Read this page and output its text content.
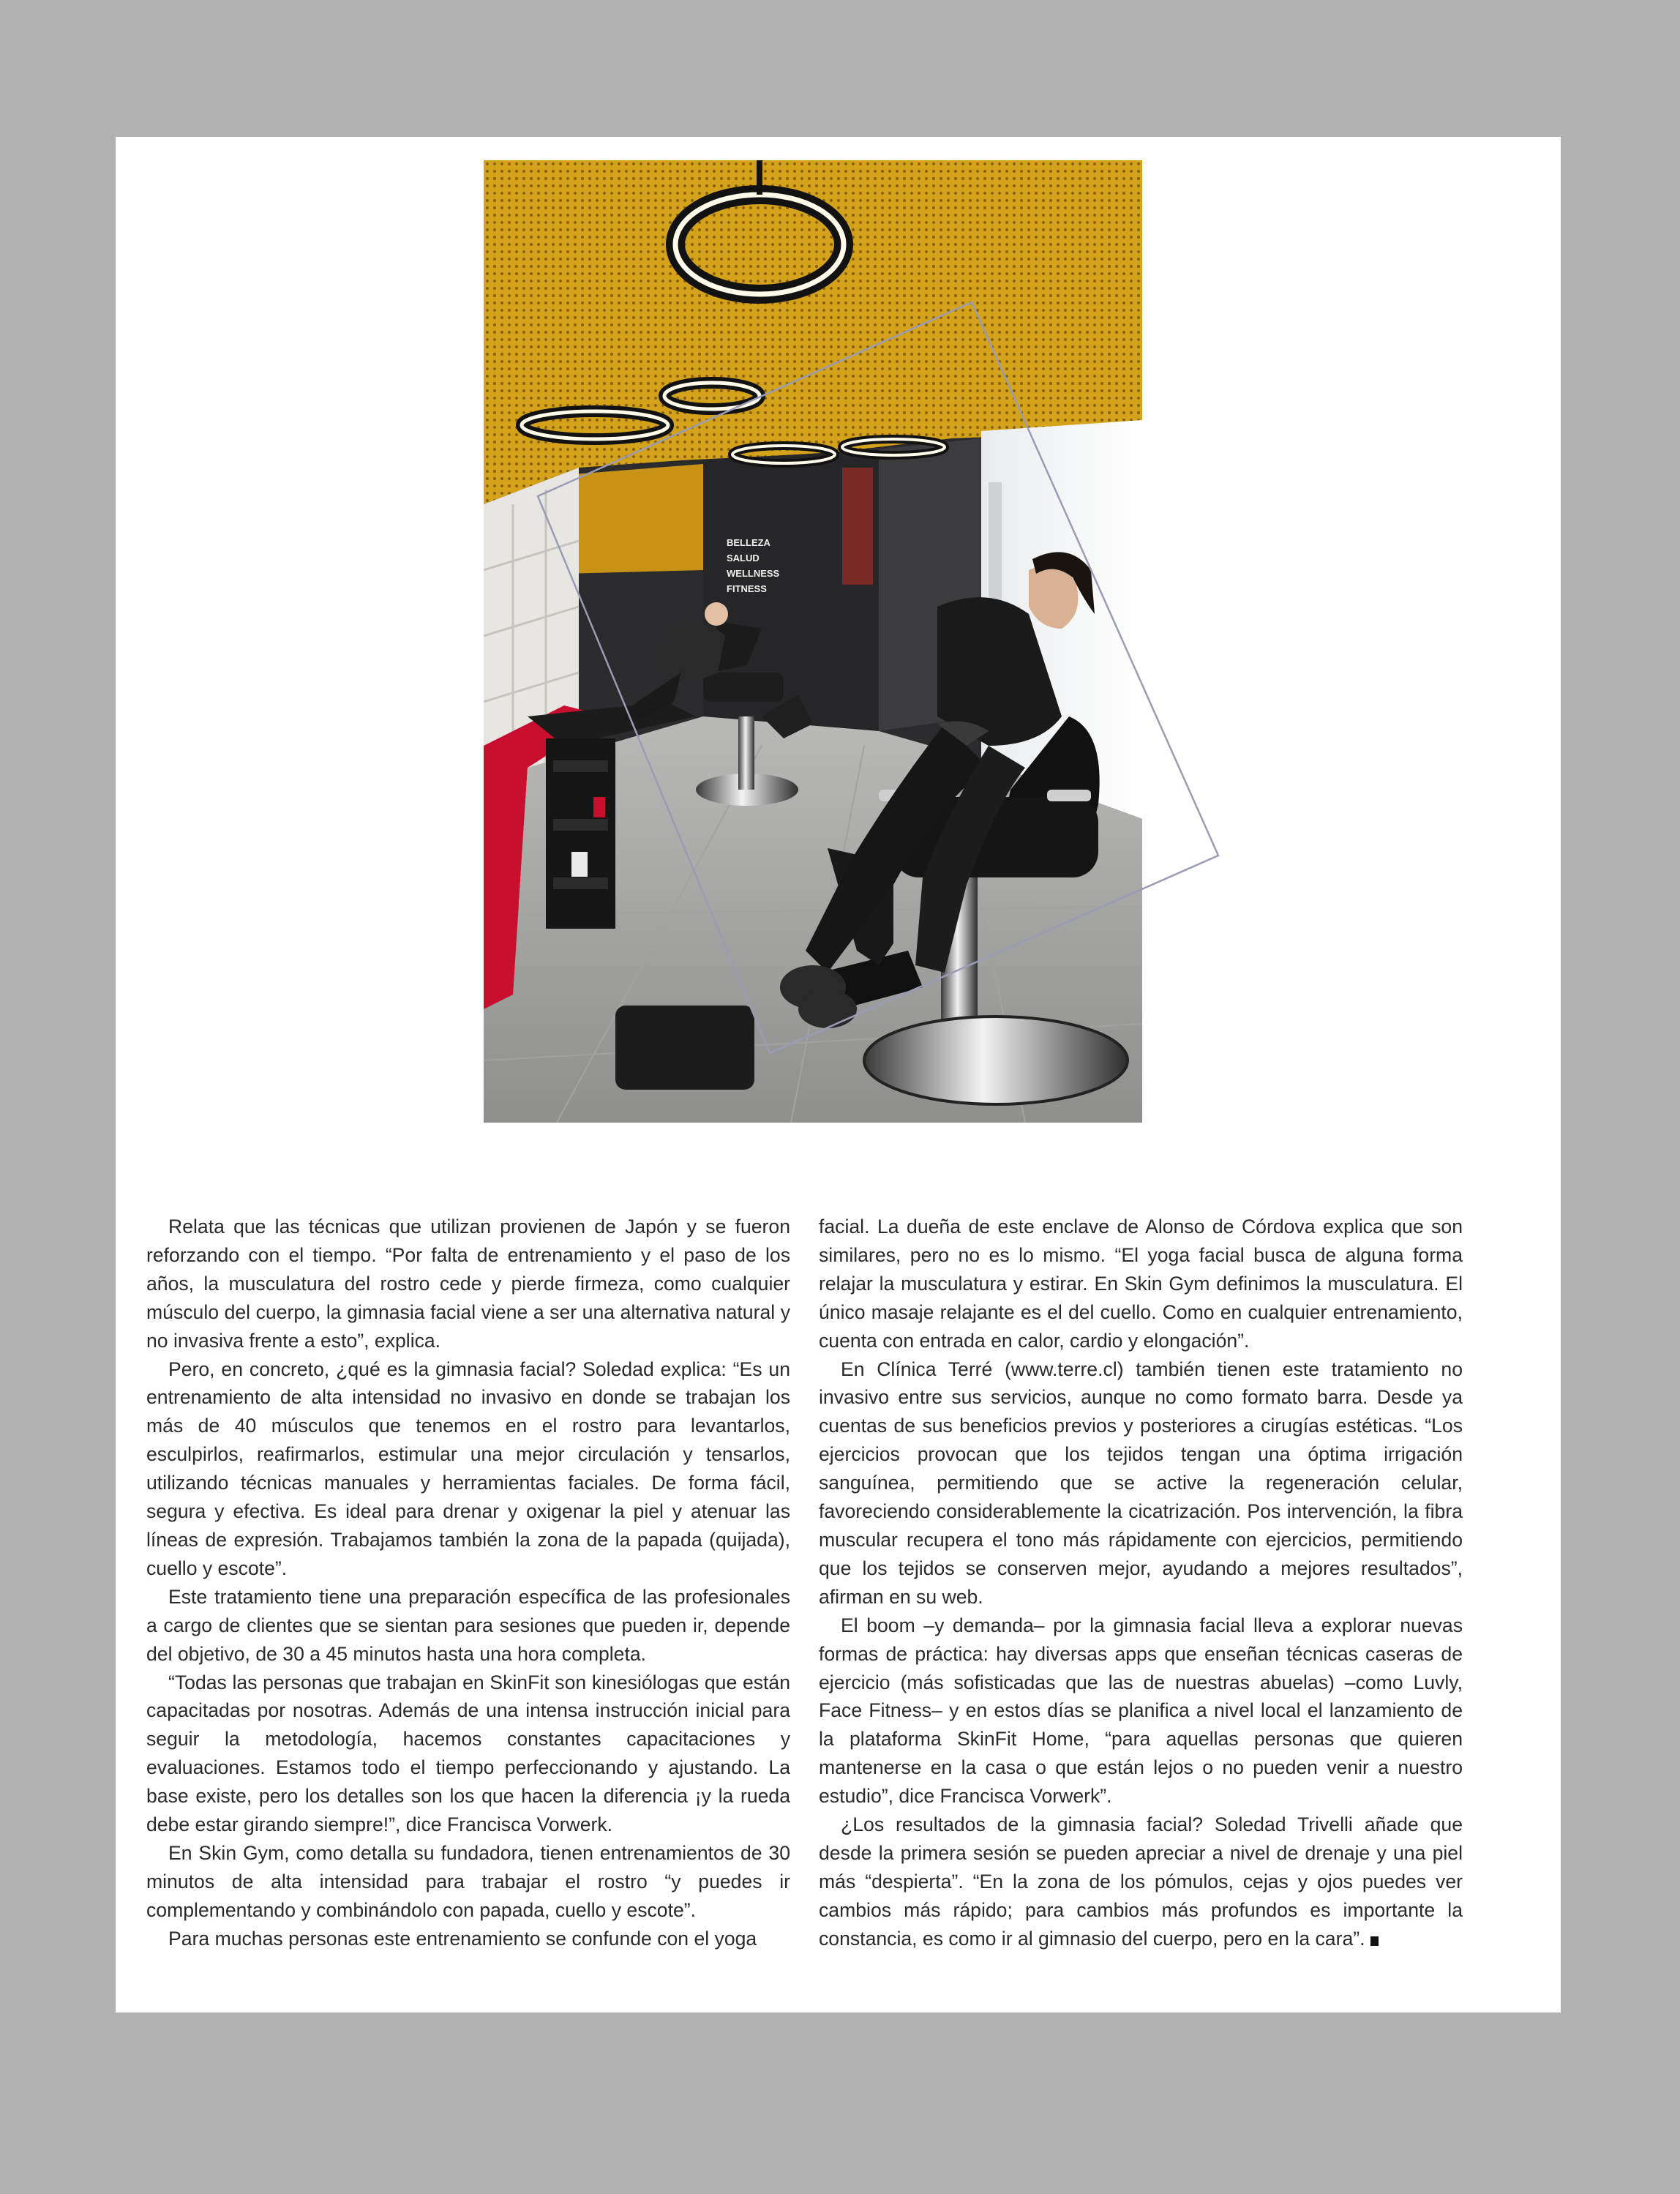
BELLEZA
SALUD
WELLNESS
FITNESS

Relata que las técnicas que utilizan provienen de Japón y se fueron reforzando con el tiempo. “Por falta de entrenamiento y el paso de los años, la musculatura del rostro cede y pierde firmeza, como cualquier músculo del cuerpo, la gimnasia facial viene a ser una alternativa natural y no invasiva frente a esto”, explica.

Pero, en concreto, ¿qué es la gimnasia facial? Soledad explica: “Es un entrenamiento de alta intensidad no invasivo en donde se trabajan los más de 40 músculos que tenemos en el rostro para levantarlos, esculpirlos, reafirmarlos, estimular una mejor circulación y tensarlos, utilizando técnicas manuales y herramientas faciales. De forma fácil, segura y efectiva. Es ideal para drenar y oxigenar la piel y atenuar las líneas de expresión. Trabajamos también la zona de la papada (quijada), cuello y escote”.

Este tratamiento tiene una preparación específica de las profesionales a cargo de clientes que se sientan para sesiones que pueden ir, depende del objetivo, de 30 a 45 minutos hasta una hora completa.

“Todas las personas que trabajan en SkinFit son kinesiólogas que están capacitadas por nosotras. Además de una intensa instrucción inicial para seguir la metodología, hacemos constantes capacitaciones y evaluaciones. Estamos todo el tiempo perfeccionando y ajustando. La base existe, pero los detalles son los que hacen la diferencia ¡y la rueda debe estar girando siempre!”, dice Francisca Vorwerk.

En Skin Gym, como detalla su fundadora, tienen entrenamientos de 30 minutos de alta intensidad para trabajar el rostro “y puedes ir complementando y combinándolo con papada, cuello y escote”.

Para muchas personas este entrenamiento se confunde con el yoga

facial. La dueña de este enclave de Alonso de Córdova explica que son similares, pero no es lo mismo. “El yoga facial busca de alguna forma relajar la musculatura y estirar. En Skin Gym definimos la musculatura. El único masaje relajante es el del cuello. Como en cualquier entrenamiento, cuenta con entrada en calor, cardio y elongación”.

En Clínica Terré (www.terre.cl) también tienen este tratamiento no invasivo entre sus servicios, aunque no como formato barra. Desde ya cuentas de sus beneficios previos y posteriores a cirugías estéticas. “Los ejercicios provocan que los tejidos tengan una óptima irrigación sanguínea, permitiendo que se active la regeneración celular, favoreciendo considerablemente la cicatrización. Pos intervención, la fibra muscular recupera el tono más rápidamente con ejercicios, permitiendo que los tejidos se conserven mejor, ayudando a mejores resultados”, afirman en su web.

El boom –y demanda– por la gimnasia facial lleva a explorar nuevas formas de práctica: hay diversas apps que enseñan técnicas caseras de ejercicio (más sofisticadas que las de nuestras abuelas) –como Luvly, Face Fitness– y en estos días se planifica a nivel local el lanzamiento de la plataforma SkinFit Home, “para aquellas personas que quieren mantenerse en la casa o que están lejos o no pueden venir a nuestro estudio”, dice Francisca Vorwerk”.

¿Los resultados de la gimnasia facial? Soledad Trivelli añade que desde la primera sesión se pueden apreciar a nivel de drenaje y una piel más “despierta”. “En la zona de los pómulos, cejas y ojos puedes ver cambios más rápido; para cambios más profundos es importante la constancia, es como ir al gimnasio del cuerpo, pero en la cara”.
